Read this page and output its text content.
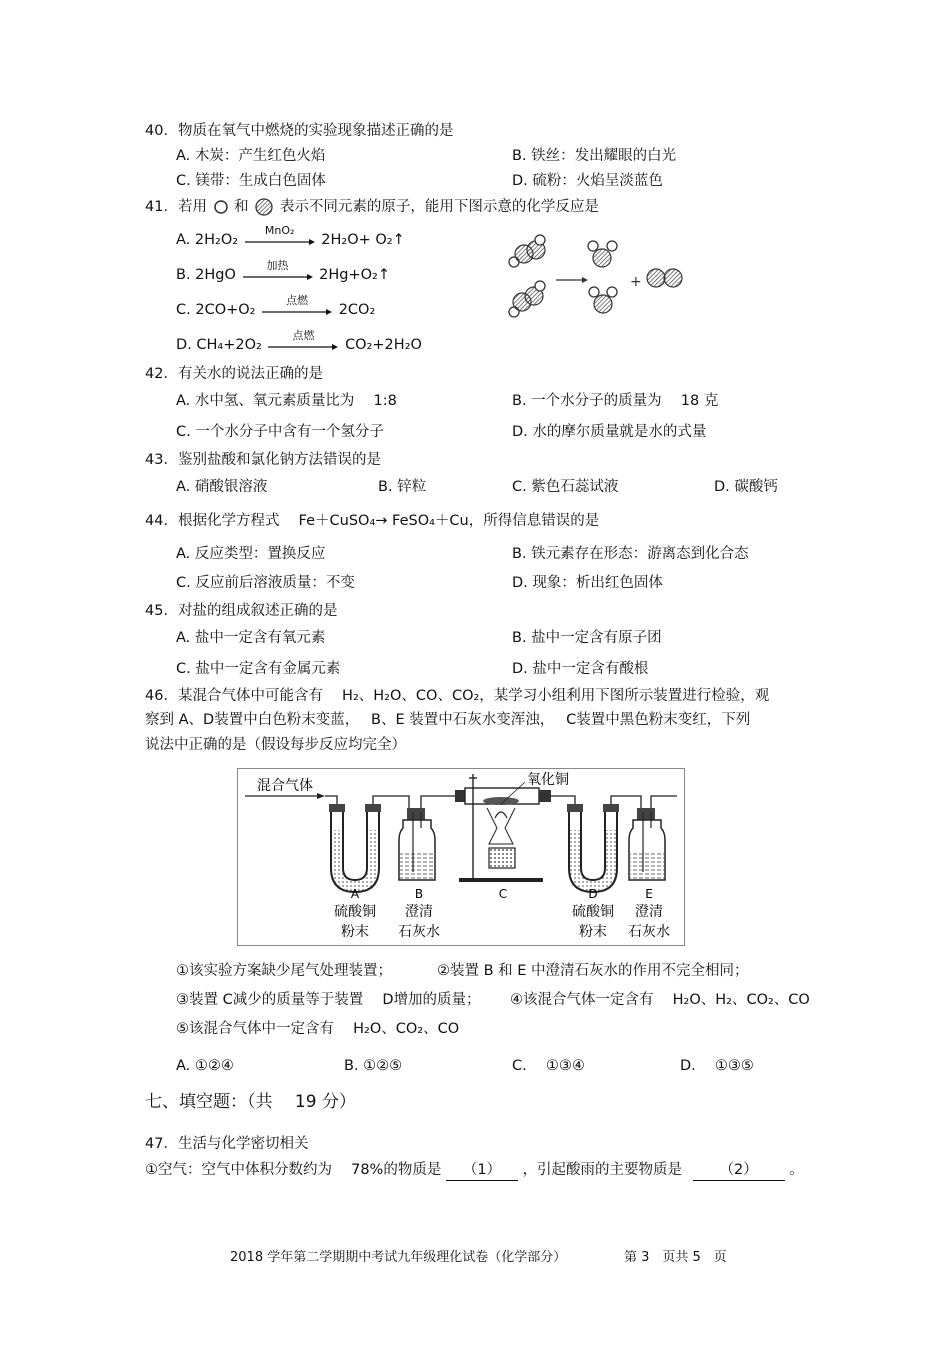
40．物质在氧气中燃烧的实验现象描述正确的是
A. 木炭：产生红色火焰	B. 铁丝：发出耀眼的白光
C. 镁带：生成白色固体	D. 硫粉：火焰呈淡蓝色
41．若用 和 表示不同元素的原子，能用下图示意的化学反应是
A. 2H₂O₂
MnO₂
2H₂O+ O₂↑
B. 2HgO
加热
2Hg+O₂↑
C. 2CO+O₂
点燃
2CO₂
D. CH₄+2O₂
点燃
CO₂+2H₂O
+
42．有关水的说法正确的是
A. 水中氢、氧元素质量比为　 1:8	B. 一个水分子的质量为　 18 克
C. 一个水分子中含有一个氢分子	D. 水的摩尔质量就是水的式量
43．鉴别盐酸和氯化钠方法错误的是
A. 硝酸银溶液	B. 锌粒	C. 紫色石蕊试液	D. 碳酸钙
44．根据化学方程式　 Fe＋CuSO₄→ FeSO₄＋Cu，所得信息错误的是
A. 反应类型：置换反应	B. 铁元素存在形态：游离态到化合态
C. 反应前后溶液质量：不变	D. 现象：析出红色固体
45．对盐的组成叙述正确的是
A. 盐中一定含有氧元素	B. 盐中一定含有原子团
C. 盐中一定含有金属元素	D. 盐中一定含有酸根
46．某混合气体中可能含有　 H₂、H₂O、CO、CO₂，某学习小组利用下图所示装置进行检验，观
察到 A、D装置中白色粉末变蓝，　 B、E 装置中石灰水变浑浊，　 C装置中黑色粉末变红，下列
说法中正确的是（假设每步反应均完全）
混合气体	氧化铜
A
硫酸铜
粉末
B
澄清
石灰水
C	D
硫酸铜
粉末
E
澄清
石灰水
①该实验方案缺少尾气处理装置；	②装置 B 和 E 中澄清石灰水的作用不完全相同；
③装置 C减少的质量等于装置　 D增加的质量； ④该混合气体一定含有　 H₂O、H₂、CO₂、CO
⑤该混合气体中一定含有　 H₂O、CO₂、CO
A. ①②④	B. ①②⑤	C. 　①③④	D. 　①③⑤
七、填空题：（共　 19 分）
47．生活与化学密切相关
①空气：空气中体积分数约为　 78%的物质是 （1） ，引起酸雨的主要物质是	（2） 。
2018 学年第二学期期中考试九年级理化试卷（化学部分）	第 3　页共 5　页
